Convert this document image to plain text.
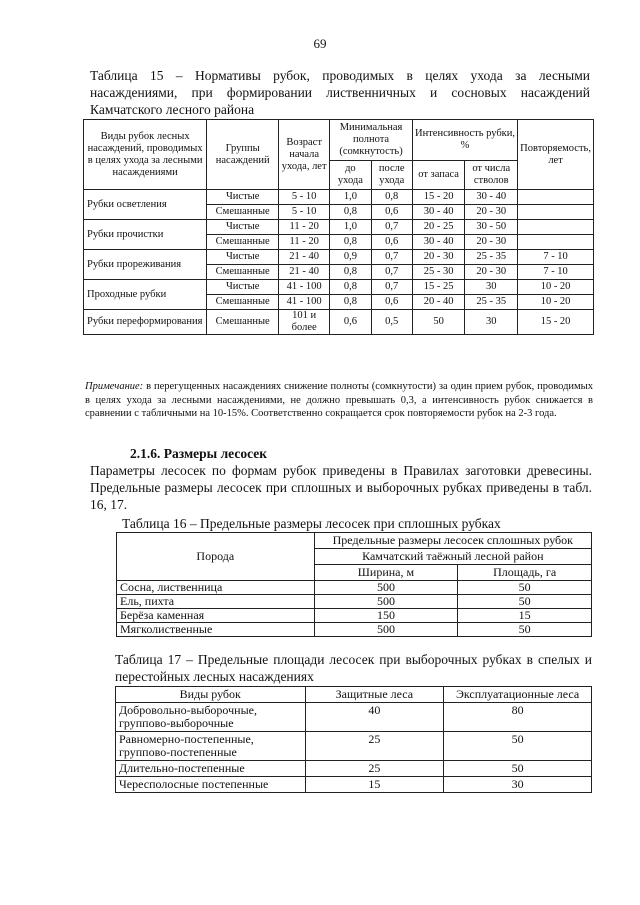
69
Таблица 15 – Нормативы рубок, проводимых в целях ухода за лесными насаждениями, при формировании лиственничных и сосновых насаждений Камчатского лесного района
Виды рубок лесных насаждений, проводимых в целях ухода за лесными насаждениями	Группы насаждений	Возраст начала ухода, лет	Минимальная полнота (сомкнутость)		Интенсивность рубки, %		Повторяемость, лет
			до ухода	после ухода	от запаса	от числа стволов	
Рубки осветления	Чистые	5 - 10	1,0	0,8	15 - 20	30 - 40	
	Смешанные	5 - 10	0,8	0,6	30 - 40	20 - 30	
Рубки прочистки	Чистые	11 - 20	1,0	0,7	20 - 25	30 - 50	
	Смешанные	11 - 20	0,8	0,6	30 - 40	20 - 30	
Рубки прореживания	Чистые	21 - 40	0,9	0,7	20 - 30	25 - 35	7 - 10
	Смешанные	21 - 40	0,8	0,7	25 - 30	20 - 30	7 - 10
Проходные рубки	Чистые	41 - 100	0,8	0,7	15 - 25	30	10 - 20
	Смешанные	41 - 100	0,8	0,6	20 - 40	25 - 35	10 - 20
Рубки переформирования	Смешанные	101 и более	0,6	0,5	50	30	15 - 20
Примечание: в перегущенных насаждениях снижение полноты (сомкнутости) за один прием рубок, проводимых в целях ухода за лесными насаждениями, не должно превышать 0,3, а интенсивность рубок снижается в сравнении с табличными на 10-15%. Соответственно сокращается срок повторяемости рубок на 2-3 года.
2.1.6. Размеры лесосек
Параметры лесосек по формам рубок приведены в Правилах заготовки древесины. Предельные размеры лесосек при сплошных и выборочных рубках приведены в табл. 16, 17.
Таблица 16 – Предельные размеры лесосек при сплошных рубках
Порода	Предельные размеры лесосек сплошных рубок	
	Камчатский таёжный лесной район	
	Ширина, м	Площадь, га
Сосна, лиственница	500	50
Ель, пихта	500	50
Берёза каменная	150	15
Мягколиственные	500	50
Таблица 17 – Предельные площади лесосек при выборочных рубках в спелых и перестойных лесных насаждениях
Виды рубок	Защитные леса	Эксплуатационные леса
Добровольно-выборочные, группово-выборочные	40	80
Равномерно-постепенные, группово-постепенные	25	50
Длительно-постепенные	25	50
Чересполосные постепенные	15	30
